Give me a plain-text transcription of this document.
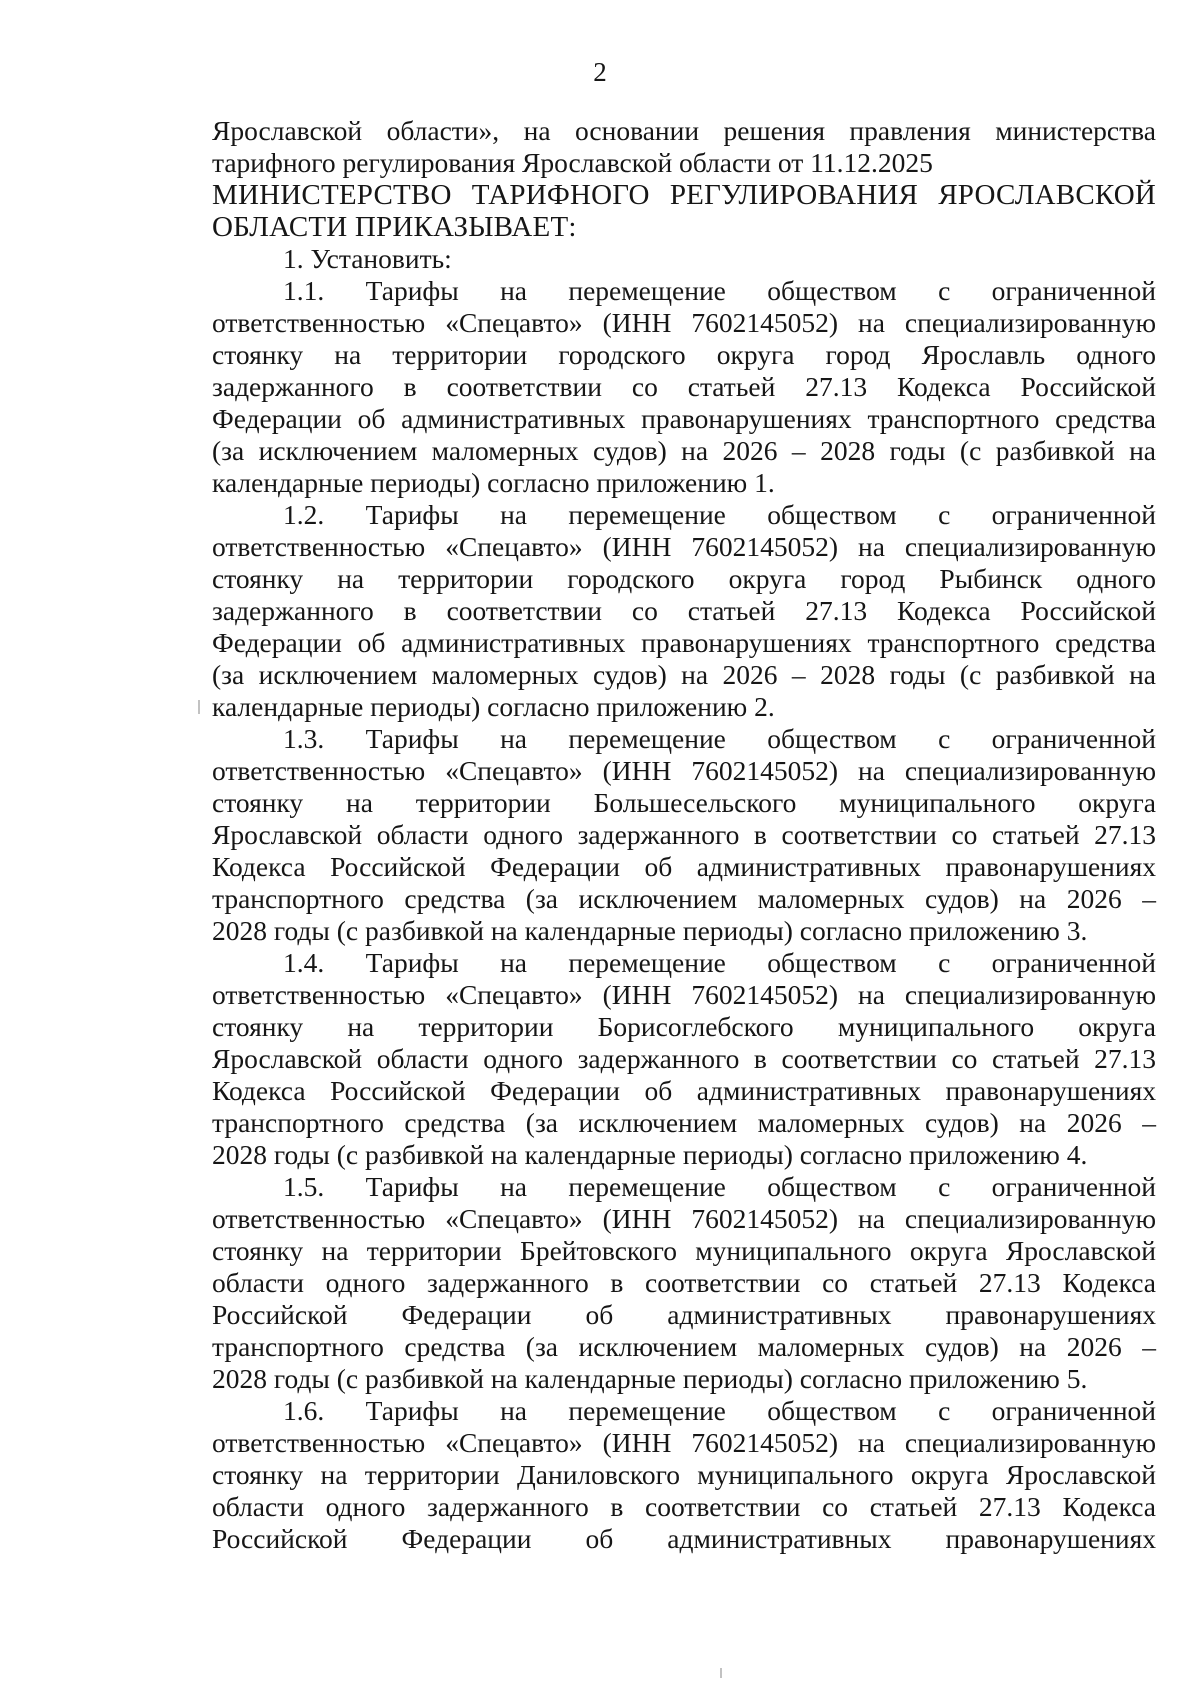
2
Ярославской области», на основании решения правления министерства
тарифного регулирования Ярославской области от 11.12.2025
МИНИСТЕРСТВО ТАРИФНОГО РЕГУЛИРОВАНИЯ ЯРОСЛАВСКОЙ
ОБЛАСТИ ПРИКАЗЫВАЕТ:
1. Установить:
1.1. Тарифы на перемещение обществом с ограниченной
ответственностью «Спецавто» (ИНН 7602145052) на специализированную
стоянку на территории городского округа город Ярославль одного
задержанного в соответствии со статьей 27.13 Кодекса Российской
Федерации об административных правонарушениях транспортного средства
(за исключением маломерных судов) на 2026 – 2028 годы (с разбивкой на
календарные периоды) согласно приложению 1.
1.2. Тарифы на перемещение обществом с ограниченной
ответственностью «Спецавто» (ИНН 7602145052) на специализированную
стоянку на территории городского округа город Рыбинск одного
задержанного в соответствии со статьей 27.13 Кодекса Российской
Федерации об административных правонарушениях транспортного средства
(за исключением маломерных судов) на 2026 – 2028 годы (с разбивкой на
календарные периоды) согласно приложению 2.
1.3. Тарифы на перемещение обществом с ограниченной
ответственностью «Спецавто» (ИНН 7602145052) на специализированную
стоянку на территории Большесельского муниципального округа
Ярославской области одного задержанного в соответствии со статьей 27.13
Кодекса Российской Федерации об административных правонарушениях
транспортного средства (за исключением маломерных судов) на 2026 –
2028 годы (с разбивкой на календарные периоды) согласно приложению 3.
1.4. Тарифы на перемещение обществом с ограниченной
ответственностью «Спецавто» (ИНН 7602145052) на специализированную
стоянку на территории Борисоглебского муниципального округа
Ярославской области одного задержанного в соответствии со статьей 27.13
Кодекса Российской Федерации об административных правонарушениях
транспортного средства (за исключением маломерных судов) на 2026 –
2028 годы (с разбивкой на календарные периоды) согласно приложению 4.
1.5. Тарифы на перемещение обществом с ограниченной
ответственностью «Спецавто» (ИНН 7602145052) на специализированную
стоянку на территории Брейтовского муниципального округа Ярославской
области одного задержанного в соответствии со статьей 27.13 Кодекса
Российской Федерации об административных правонарушениях
транспортного средства (за исключением маломерных судов) на 2026 –
2028 годы (с разбивкой на календарные периоды) согласно приложению 5.
1.6. Тарифы на перемещение обществом с ограниченной
ответственностью «Спецавто» (ИНН 7602145052) на специализированную
стоянку на территории Даниловского муниципального округа Ярославской
области одного задержанного в соответствии со статьей 27.13 Кодекса
Российской Федерации об административных правонарушениях
